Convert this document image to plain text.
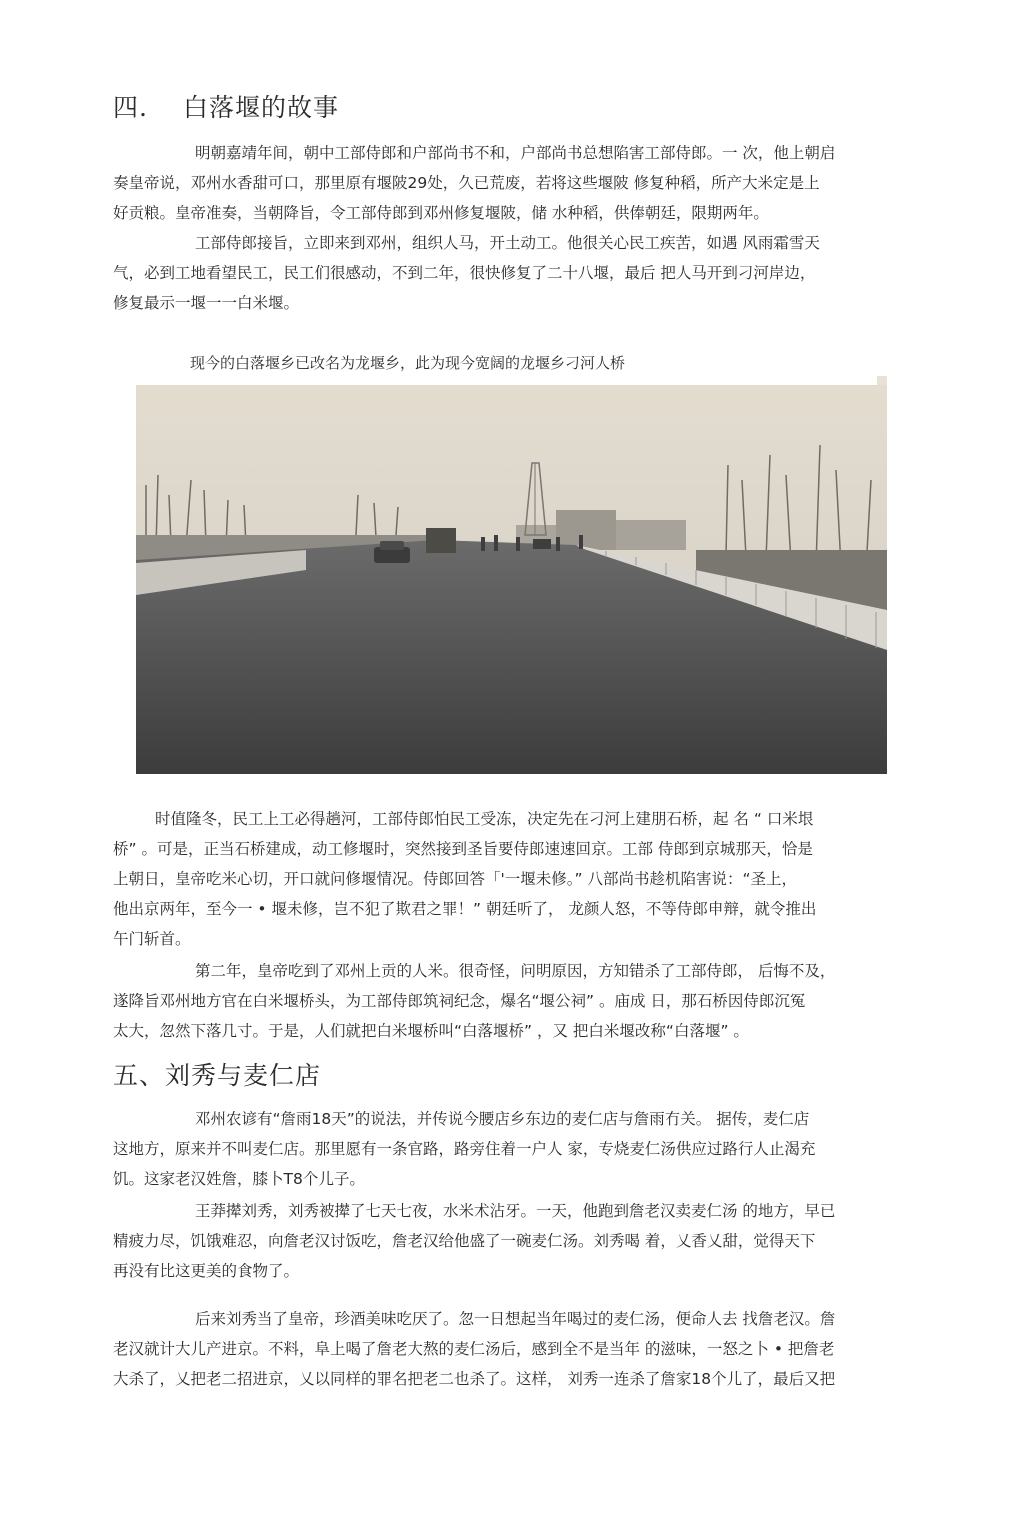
四. 白落堰的故事

明朝嘉靖年间，朝中工部侍郎和户部尚书不和，户部尚书总想陷害工部侍郎。一 次，他上朝启
奏皇帝说，邓州水香甜可口，那里原有堰陂29处，久已荒废，若将这些堰陂 修复种稻，所产大米定是上
好贡粮。皇帝准奏，当朝降旨，令工部侍郎到邓州修复堰陂，储 水种稻，供俸朝廷，限期两年。

工部侍郎接旨，立即来到邓州，组织人马，开土动工。他很关心民工疾苦，如遇 风雨霜雪天
气，必到工地看望民工，民工们很感动，不到二年，很快修复了二十八堰，最后 把人马开到刁河岸边，
修复最示一堰一一白米堰。

现今的白落堰乡已改名为龙堰乡，此为现今宽阔的龙堰乡刁河人桥

时值隆冬，民工上工必得趟河，工部侍郎怕民工受冻，决定先在刁河上建朋石桥，起 名 “ 口米垠
桥” 。可是，正当石桥建成，动工修堰时，突然接到圣旨要侍郎速速回京。工部 侍郎到京城那天，恰是
上朝日，皇帝吃米心切，开口就问修堰情况。侍郎回答「'一堰未修。” 八部尚书趁机陷害说：“圣上，
他出京两年，至今一 • 堰未修，岂不犯了欺君之罪！” 朝廷听了， 龙颜人怒，不等侍郎申辩，就令推出
午门斩首。

第二年，皇帝吃到了邓州上贡的人米。很奇怪，问明原因，方知错杀了工部侍郎， 后悔不及，
遂降旨邓州地方官在白米堰桥头，为工部侍郎筑祠纪念，爆名“堰公祠” 。庙成 日，那石桥因侍郎沉冤
太大，忽然下落几寸。于是，人们就把白米堰桥叫“白落堰桥” ，又 把白米堰改称“白落堰” 。

五、刘秀与麦仁店

邓州农谚有“詹雨18天”的说法，并传说今腰店乡东边的麦仁店与詹雨冇关。 据传，麦仁店
这地方，原来并不叫麦仁店。那里愿有一条官路，路旁住着一户人 家，专烧麦仁汤供应过路行人止渴充
饥。这家老汉姓詹，膝卜T8个儿子。

王莽撵刘秀，刘秀被撵了七天七夜，水米术沾牙。一天，他跑到詹老汉卖麦仁汤 的地方，早已
精疲力尽，饥饿难忍，向詹老汉讨饭吃，詹老汉给他盛了一碗麦仁汤。刘秀喝 着，乂香乂甜，觉得天下
再没有比这更美的食物了。

后来刘秀当了皇帝，珍酒美味吃厌了。忽一日想起当年喝过的麦仁汤，便命人去 找詹老汉。詹
老汉就计大儿产进京。不料，阜上喝了詹老大熬的麦仁汤后，感到全不是当年 的滋味，一怒之卜 • 把詹老
大杀了，乂把老二招进京，乂以同样的罪名把老二也杀了。这样， 刘秀一连杀了詹家18个儿了，最后又把
